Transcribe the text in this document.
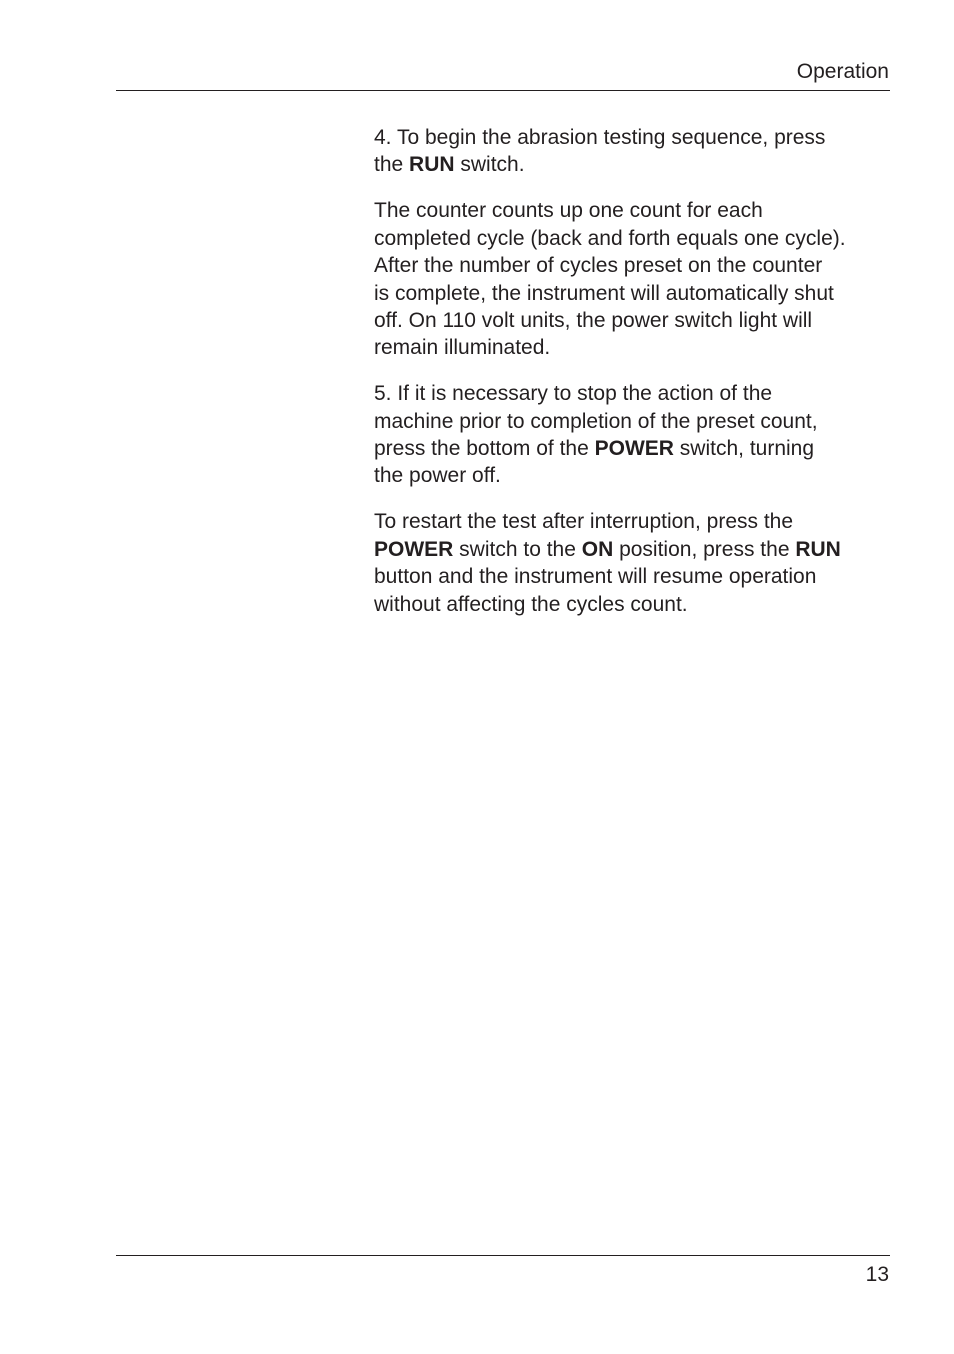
Operation

4. To begin the abrasion testing sequence, press
the RUN switch.

The counter counts up one count for each
completed cycle (back and forth equals one cycle).
After the number of cycles preset on the counter
is complete, the instrument will automatically shut
off. On 110 volt units, the power switch light will
remain illuminated.

5. If it is necessary to stop the action of the
machine prior to completion of the preset count,
press the bottom of the POWER switch, turning
the power off.

To restart the test after interruption, press the
POWER switch to the ON position, press the RUN
button and the instrument will resume operation
without affecting the cycles count.

13
